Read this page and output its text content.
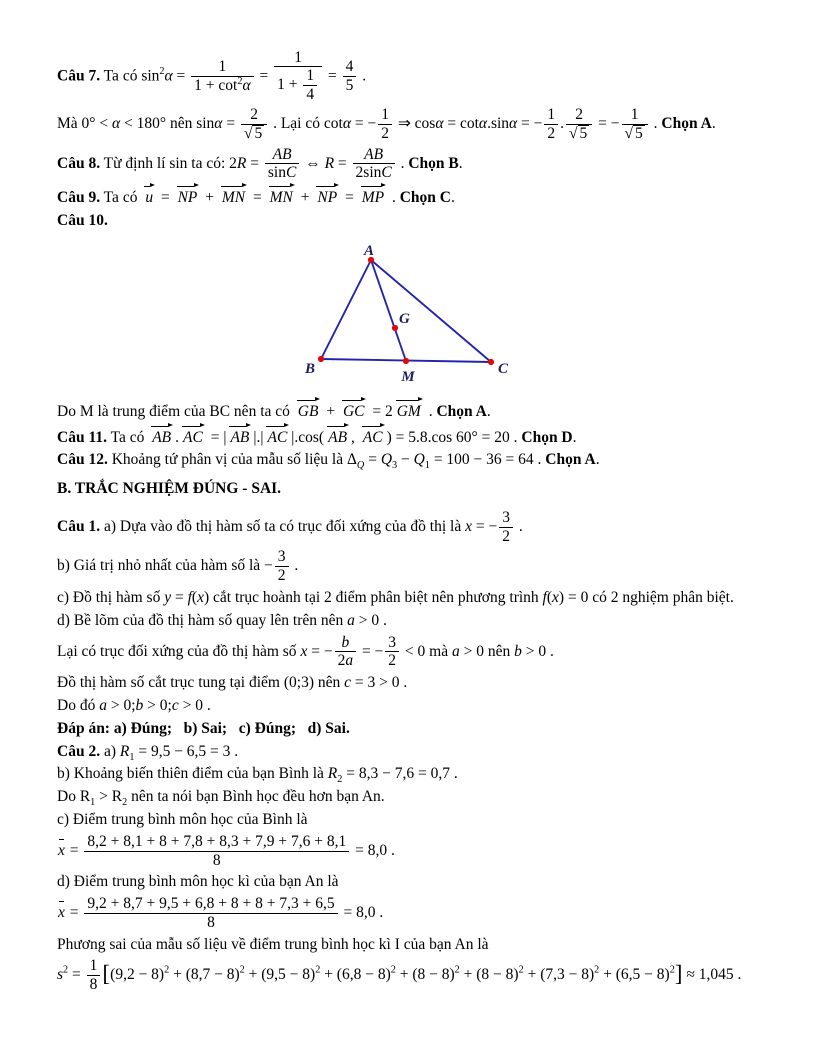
Câu 7. Ta có $\sin^2\alpha = \frac{1}{1 + \cot^2\alpha} = \frac{1}{1 + \frac{1}{4}} = \frac{4}{5}$ .
Mà 0° < α < 180° nên $\sin\alpha = \frac{2}{√ 5}$ . Lại có cotα = − $\frac{1}{2}$ ⇒ cosα = cotα.sinα = − $\frac{1}{2}$ . $\frac{2}{√ 5}$ = − $\frac{1}{√ 5}$ . Chọn A.
Câu 8. Từ định lí sin ta có: $2R = \frac{AB}{\sin C}$ ⇔ $R = \frac{AB}{2\sin C}$ . Chọn B.
Câu 9. Ta có u = NP + MN = MN + NP = MP . Chọn C.
Câu 10.
A
B	C
M
G
Do M là trung điểm của BC nên ta có GB + GC = 2 GM . Chọn A.
Câu 11. Ta có AB . AC = | AB |.| AC |.cos( AB , AC ) = 5.8.cos 60° = 20 . Chọn D.
Câu 12. Khoảng tứ phân vị của mẫu số liệu là $\Delta_Q = Q_3 - Q_1 = 100 - 36 = 64$ . Chọn A.
B. TRẮC NGHIỆM ĐÚNG - SAI.
Câu 1. a) Dựa vào đồ thị hàm số ta có trục đối xứng của đồ thị là x = − $\frac{3}{2}$ .
b) Giá trị nhỏ nhất của hàm số là − $\frac{3}{2}$ .
c) Đồ thị hàm số y = f(x) cắt trục hoành tại 2 điểm phân biệt nên phương trình f(x) = 0 có 2 nghiệm phân biệt.
d) Bề lõm của đồ thị hàm số quay lên trên nên a > 0 .
Lại có trục đối xứng của đồ thị hàm số x = − $\frac{b}{2a}$ = − $\frac{3}{2} < 0$ mà a > 0 nên b > 0 .
Đồ thị hàm số cắt trục tung tại điểm (0;3) nên c = 3 > 0 .
Do đó a > 0;b > 0;c > 0 .
Đáp án: a) Đúng;   b) Sai;   c) Đúng;   d) Sai.
Câu 2. a) $R_1 = 9,5 - 6,5 = 3$ .
b) Khoảng biến thiên điểm của bạn Bình là $R_2 = 8,3 - 7,6 = 0,7$ .
Do $R_1 > R_2$ nên ta nói bạn Bình học đều hơn bạn An.
c) Điểm trung bình môn học của Bình là
$x = \frac{8,2 + 8,1 + 8 + 7,8 + 8,3 + 7,9 + 7,6 + 8,1}{8} = 8,0$ .
d) Điểm trung bình môn học kì của bạn An là
$x = \frac{9,2 + 8,7 + 9,5 + 6,8 + 8 + 8 + 7,3 + 6,5}{8} = 8,0$ .
Phương sai của mẫu số liệu về điểm trung bình học kì I của bạn An là
$s^2 = \frac{1}{8} [(9,2 - 8)^2 + (8,7 - 8)^2 + (9,5 - 8)^2 + (6,8 - 8)^2 + (8 - 8)^2 + (8 - 8)^2 + (7,3 - 8)^2 + (6,5 - 8)^2] \approx 1,045$ .
